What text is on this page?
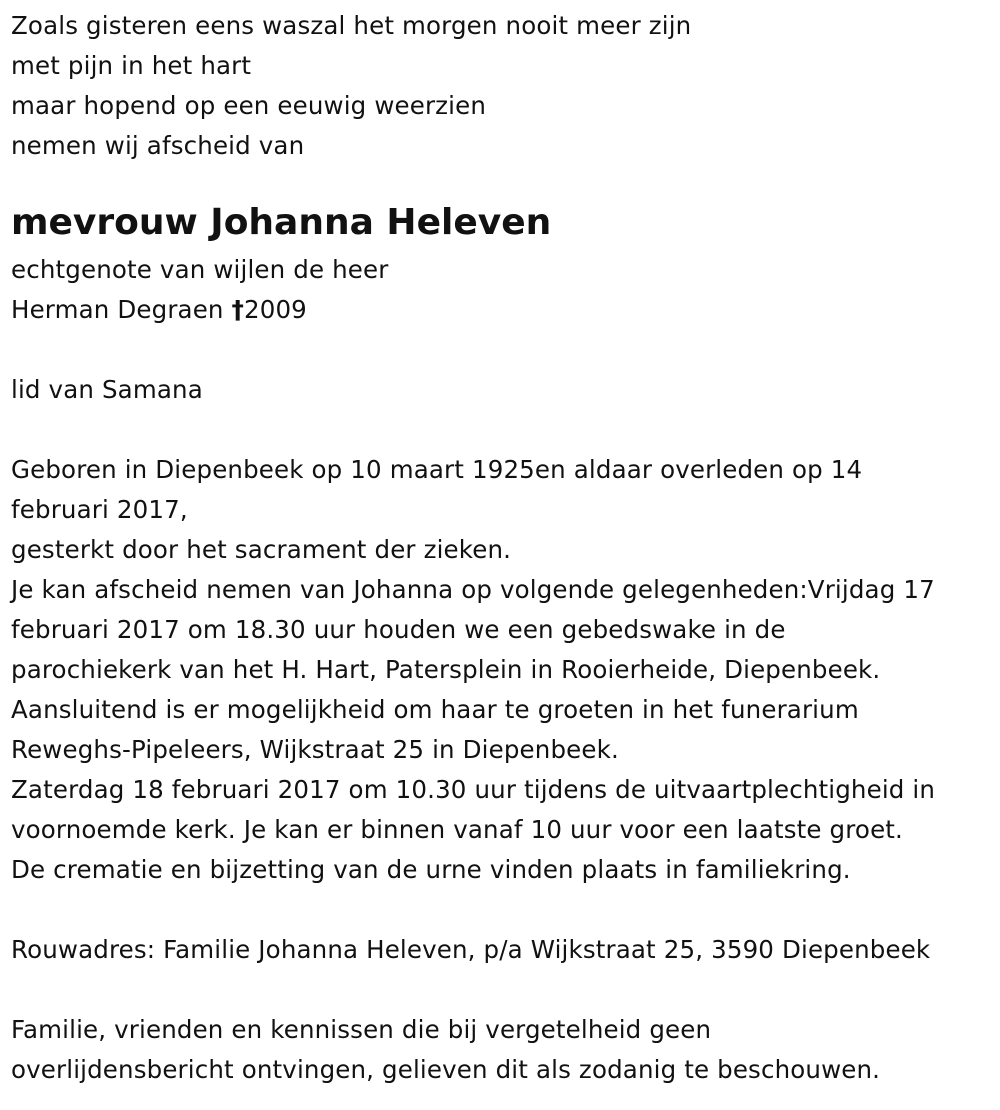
Zoals gisteren eens waszal het morgen nooit meer zijn
met pijn in het hart
maar hopend op een eeuwig weerzien
nemen wij afscheid van
mevrouw Johanna Heleven
echtgenote van wijlen de heer
Herman Degraen †2009
lid van Samana
Geboren in Diepenbeek op 10 maart 1925en aldaar overleden op 14
februari 2017,
gesterkt door het sacrament der zieken.
Je kan afscheid nemen van Johanna op volgende gelegenheden:Vrijdag 17
februari 2017 om 18.30 uur houden we een gebedswake in de
parochiekerk van het H. Hart, Patersplein in Rooierheide, Diepenbeek.
Aansluitend is er mogelijkheid om haar te groeten in het funerarium
Reweghs-Pipeleers, Wijkstraat 25 in Diepenbeek.
Zaterdag 18 februari 2017 om 10.30 uur tijdens de uitvaartplechtigheid in
voornoemde kerk. Je kan er binnen vanaf 10 uur voor een laatste groet.
De crematie en bijzetting van de urne vinden plaats in familiekring.
Rouwadres: Familie Johanna Heleven, p/a Wijkstraat 25, 3590 Diepenbeek
Familie, vrienden en kennissen die bij vergetelheid geen
overlijdensbericht ontvingen, gelieven dit als zodanig te beschouwen.
